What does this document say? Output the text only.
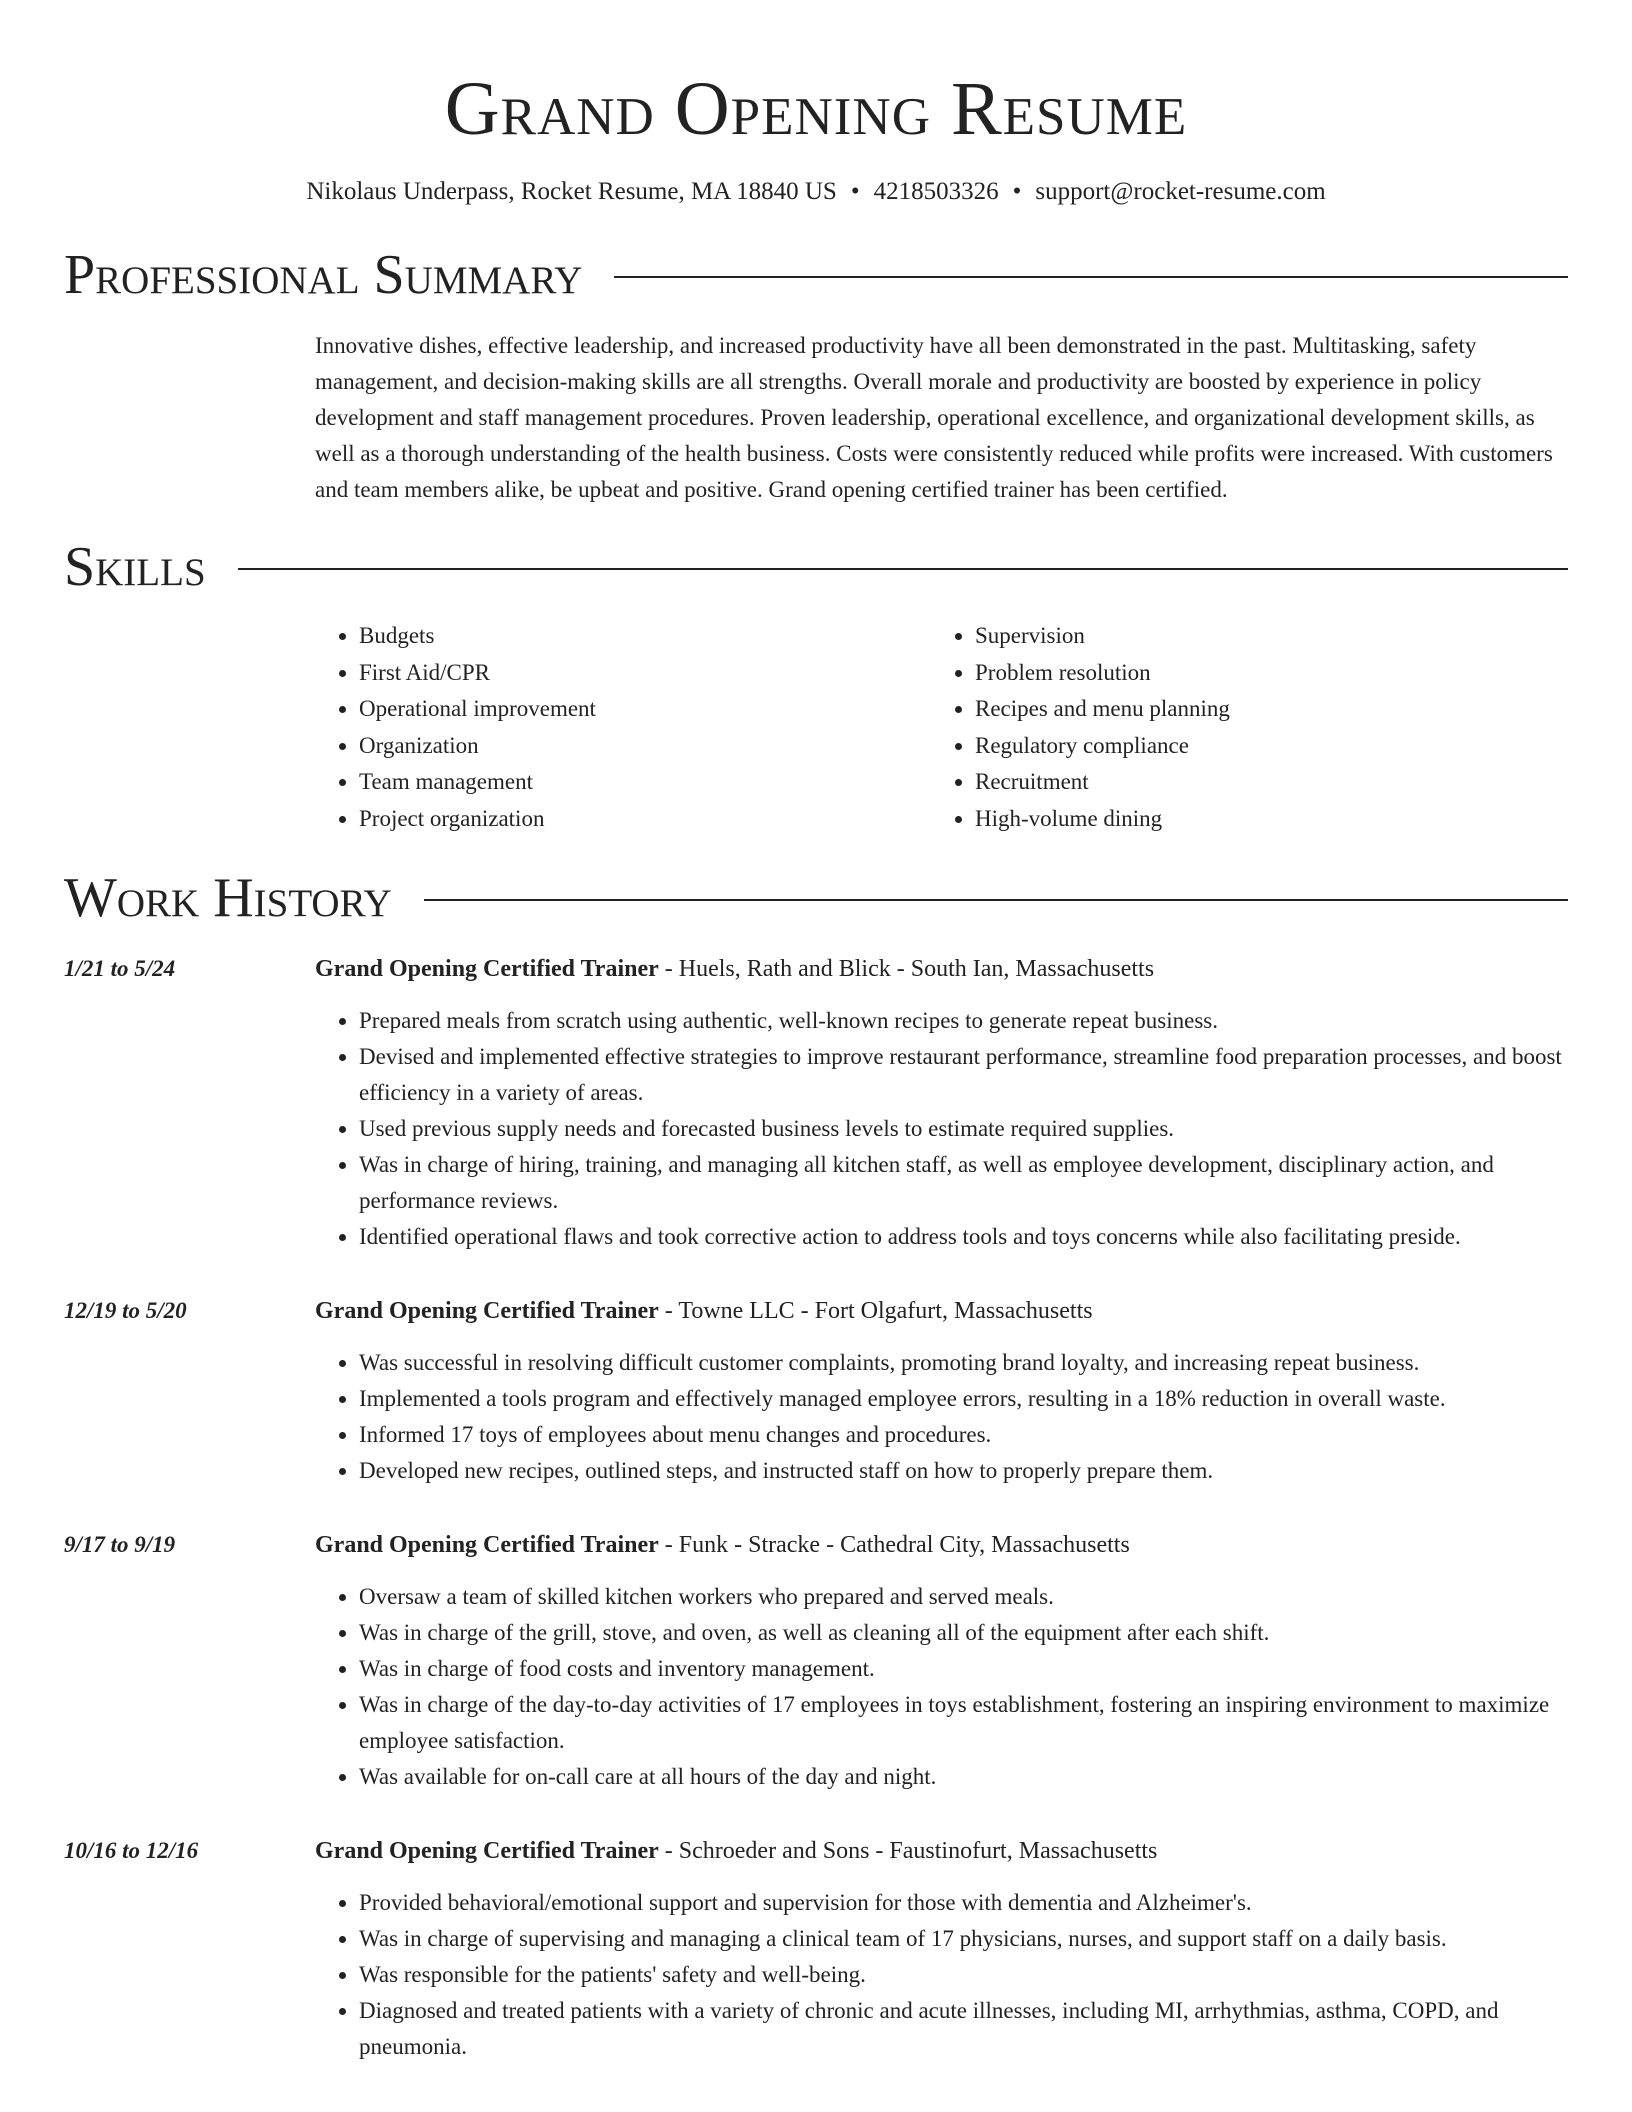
Grand Opening Resume
Nikolaus Underpass, Rocket Resume, MA 18840 US • 4218503326 • support@rocket-resume.com
Professional Summary
Innovative dishes, effective leadership, and increased productivity have all been demonstrated in the past. Multitasking, safety management, and decision-making skills are all strengths. Overall morale and productivity are boosted by experience in policy development and staff management procedures. Proven leadership, operational excellence, and organizational development skills, as well as a thorough understanding of the health business. Costs were consistently reduced while profits were increased. With customers and team members alike, be upbeat and positive. Grand opening certified trainer has been certified.
Skills
• Budgets
• First Aid/CPR
• Operational improvement
• Organization
• Team management
• Project organization
• Supervision
• Problem resolution
• Recipes and menu planning
• Regulatory compliance
• Recruitment
• High-volume dining
Work History
1/21 to 5/24	Grand Opening Certified Trainer - Huels, Rath and Blick - South Ian, Massachusetts
• Prepared meals from scratch using authentic, well-known recipes to generate repeat business.
• Devised and implemented effective strategies to improve restaurant performance, streamline food preparation processes, and boost efficiency in a variety of areas.
• Used previous supply needs and forecasted business levels to estimate required supplies.
• Was in charge of hiring, training, and managing all kitchen staff, as well as employee development, disciplinary action, and performance reviews.
• Identified operational flaws and took corrective action to address tools and toys concerns while also facilitating preside.
12/19 to 5/20	Grand Opening Certified Trainer - Towne LLC - Fort Olgafurt, Massachusetts
• Was successful in resolving difficult customer complaints, promoting brand loyalty, and increasing repeat business.
• Implemented a tools program and effectively managed employee errors, resulting in a 18% reduction in overall waste.
• Informed 17 toys of employees about menu changes and procedures.
• Developed new recipes, outlined steps, and instructed staff on how to properly prepare them.
9/17 to 9/19	Grand Opening Certified Trainer - Funk - Stracke - Cathedral City, Massachusetts
• Oversaw a team of skilled kitchen workers who prepared and served meals.
• Was in charge of the grill, stove, and oven, as well as cleaning all of the equipment after each shift.
• Was in charge of food costs and inventory management.
• Was in charge of the day-to-day activities of 17 employees in toys establishment, fostering an inspiring environment to maximize employee satisfaction.
• Was available for on-call care at all hours of the day and night.
10/16 to 12/16	Grand Opening Certified Trainer - Schroeder and Sons - Faustinofurt, Massachusetts
• Provided behavioral/emotional support and supervision for those with dementia and Alzheimer's.
• Was in charge of supervising and managing a clinical team of 17 physicians, nurses, and support staff on a daily basis.
• Was responsible for the patients' safety and well-being.
• Diagnosed and treated patients with a variety of chronic and acute illnesses, including MI, arrhythmias, asthma, COPD, and pneumonia.
